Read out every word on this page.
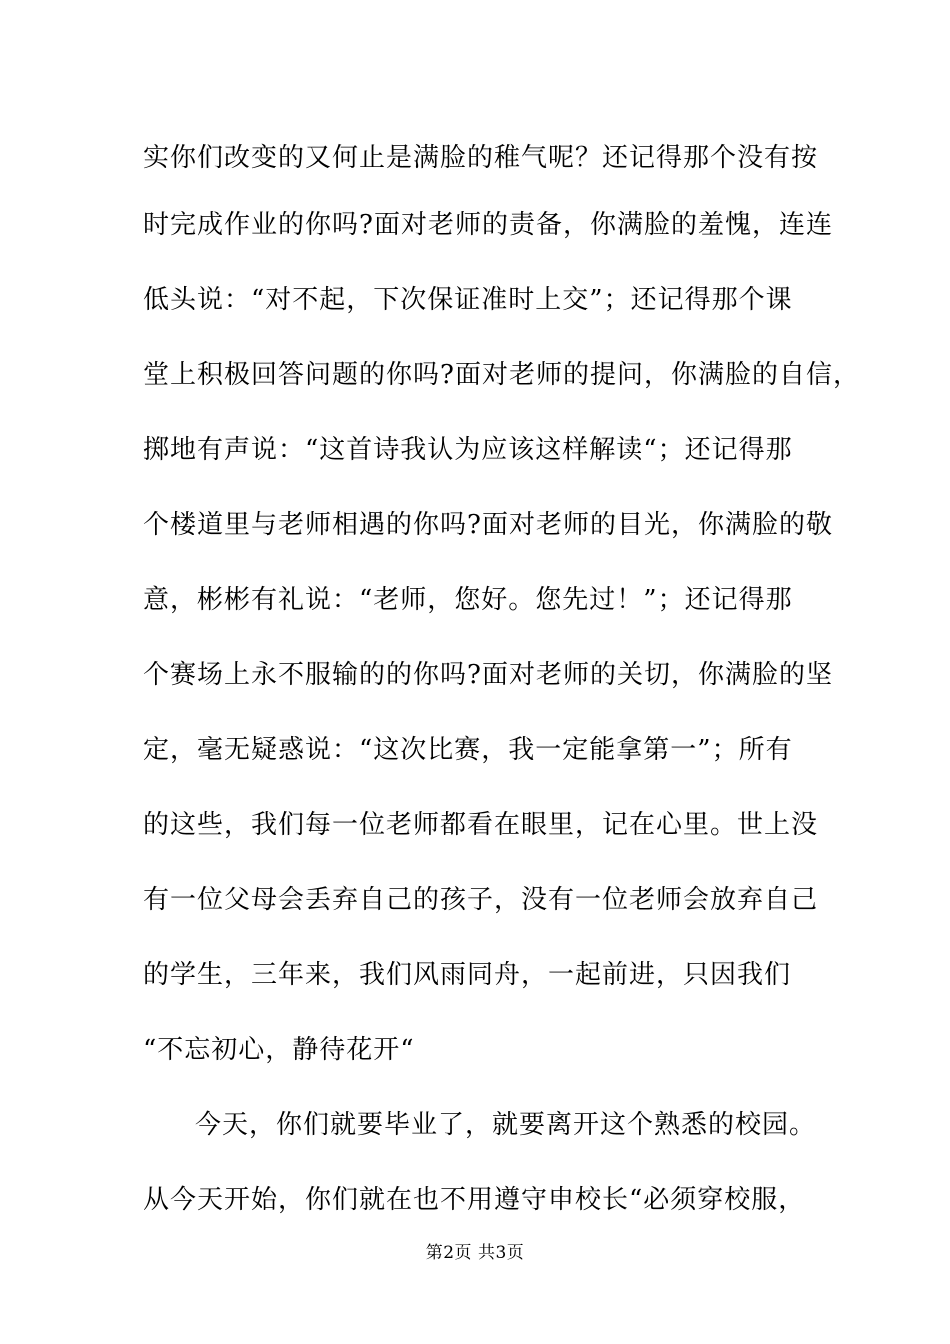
实你们改变的又何止是满脸的稚气呢？还记得那个没有按
时完成作业的你吗?面对老师的责备，你满脸的羞愧，连连
低头说：“对不起，下次保证准时上交”；还记得那个课
堂上积极回答问题的你吗?面对老师的提问，你满脸的自信，
掷地有声说：“这首诗我认为应该这样解读“；还记得那
个楼道里与老师相遇的你吗?面对老师的目光，你满脸的敬
意，彬彬有礼说：“老师，您好。您先过！”；还记得那
个赛场上永不服输的的你吗?面对老师的关切，你满脸的坚
定，毫无疑惑说：“这次比赛，我一定能拿第一”；所有
的这些，我们每一位老师都看在眼里，记在心里。世上没
有一位父母会丢弃自己的孩子，没有一位老师会放弃自己
的学生，三年来，我们风雨同舟，一起前进，只因我们
“不忘初心，静待花开“
今天，你们就要毕业了，就要离开这个熟悉的校园。
从今天开始，你们就在也不用遵守申校长“必须穿校服，
第2页 共3页
